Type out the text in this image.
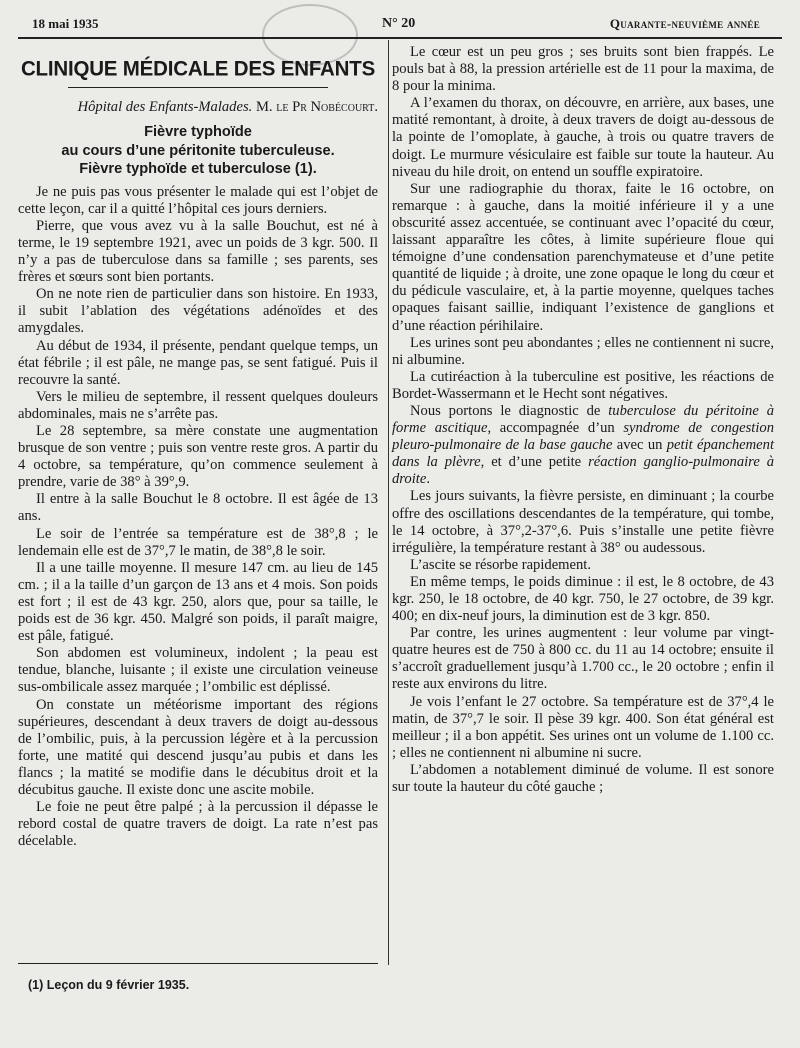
18 mai 1935	N° 20	Quarante-neuvième année
CLINIQUE MÉDICALE DES ENFANTS
Hôpital des Enfants-Malades. M. le Pr Nobécourt.
Fièvre typhoïde
au cours d’une péritonite tuberculeuse.
Fièvre typhoïde et tuberculose (1).

Je ne puis pas vous présenter le malade qui est l’objet de cette leçon, car il a quitté l’hôpital ces jours derniers.

Pierre, que vous avez vu à la salle Bouchut, est né à terme, le 19 septembre 1921, avec un poids de 3 kgr. 500. Il n’y a pas de tuberculose dans sa famille ; ses parents, ses frères et sœurs sont bien portants.

On ne note rien de particulier dans son histoire. En 1933, il subit l’ablation des végétations adénoïdes et des amygdales.

Au début de 1934, il présente, pendant quelque temps, un état fébrile ; il est pâle, ne mange pas, se sent fatigué. Puis il recouvre la santé.

Vers le milieu de septembre, il ressent quelques douleurs abdominales, mais ne s’arrête pas.

Le 28 septembre, sa mère constate une augmentation brusque de son ventre ; puis son ventre reste gros. A partir du 4 octobre, sa température, qu’on commence seulement à prendre, varie de 38° à 39°,9.

Il entre à la salle Bouchut le 8 octobre. Il est âgée de 13 ans.

Le soir de l’entrée sa température est de 38°,8 ; le lendemain elle est de 37°,7 le matin, de 38°,8 le soir.

Il a une taille moyenne. Il mesure 147 cm. au lieu de 145 cm. ; il a la taille d’un garçon de 13 ans et 4 mois. Son poids est fort ; il est de 43 kgr. 250, alors que, pour sa taille, le poids est de 36 kgr. 450. Malgré son poids, il paraît maigre, est pâle, fatigué.

Son abdomen est volumineux, indolent ; la peau est tendue, blanche, luisante ; il existe une circulation veineuse sus-ombilicale assez marquée ; l’ombilic est déplissé.

On constate un météorisme important des régions supérieures, descendant à deux travers de doigt au-dessous de l’ombilic, puis, à la percussion légère et à la percussion forte, une matité qui descend jusqu’au pubis et dans les flancs ; la matité se modifie dans le décubitus droit et la décubitus gauche. Il existe donc une ascite mobile.

Le foie ne peut être palpé ; à la percussion il dépasse le rebord costal de quatre travers de doigt. La rate n’est pas décelable.

(1) Leçon du 9 février 1935.

Le cœur est un peu gros ; ses bruits sont bien frappés. Le pouls bat à 88, la pression artérielle est de 11 pour la maxima, de 8 pour la minima.

A l’examen du thorax, on découvre, en arrière, aux bases, une matité remontant, à droite, à deux travers de doigt au-dessous de la pointe de l’omoplate, à gauche, à trois ou quatre travers de doigt. Le murmure vésiculaire est faible sur toute la hauteur. Au niveau du hile droit, on entend un souffle expiratoire.

Sur une radiographie du thorax, faite le 16 octobre, on remarque : à gauche, dans la moitié inférieure il y a une obscurité assez accentuée, se continuant avec l’opacité du cœur, laissant apparaître les côtes, à limite supérieure floue qui témoigne d’une condensation parenchymateuse et d’une petite quantité de liquide ; à droite, une zone opaque le long du cœur et du pédicule vasculaire, et, à la partie moyenne, quelques taches opaques faisant saillie, indiquant l’existence de ganglions et d’une réaction périhilaire.

Les urines sont peu abondantes ; elles ne contiennent ni sucre, ni albumine.

La cutiréaction à la tuberculine est positive, les réactions de Bordet-Wassermann et le Hecht sont négatives.

Nous portons le diagnostic de tuberculose du péritoine à forme ascitique, accompagnée d’un syndrome de congestion pleuro-pulmonaire de la base gauche avec un petit épanchement dans la plèvre, et d’une petite réaction ganglio-pulmonaire à droite.

Les jours suivants, la fièvre persiste, en diminuant ; la courbe offre des oscillations descendantes de la température, qui tombe, le 14 octobre, à 37°,2-37°,6. Puis s’installe une petite fièvre irrégulière, la température restant à 38° ou audessous.

L’ascite se résorbe rapidement.

En même temps, le poids diminue : il est, le 8 octobre, de 43 kgr. 250, le 18 octobre, de 40 kgr. 750, le 27 octobre, de 39 kgr. 400; en dix-neuf jours, la diminution est de 3 kgr. 850.

Par contre, les urines augmentent : leur volume par vingt-quatre heures est de 750 à 800 cc. du 11 au 14 octobre; ensuite il s’accroît graduellement jusqu’à 1.700 cc., le 20 octobre ; enfin il reste aux environs du litre.

Je vois l’enfant le 27 octobre. Sa température est de 37°,4 le matin, de 37°,7 le soir. Il pèse 39 kgr. 400. Son état général est meilleur ; il a bon appétit. Ses urines ont un volume de 1.100 cc. ; elles ne contiennent ni albumine ni sucre.

L’abdomen a notablement diminué de volume. Il est sonore sur toute la hauteur du côté gauche ;
